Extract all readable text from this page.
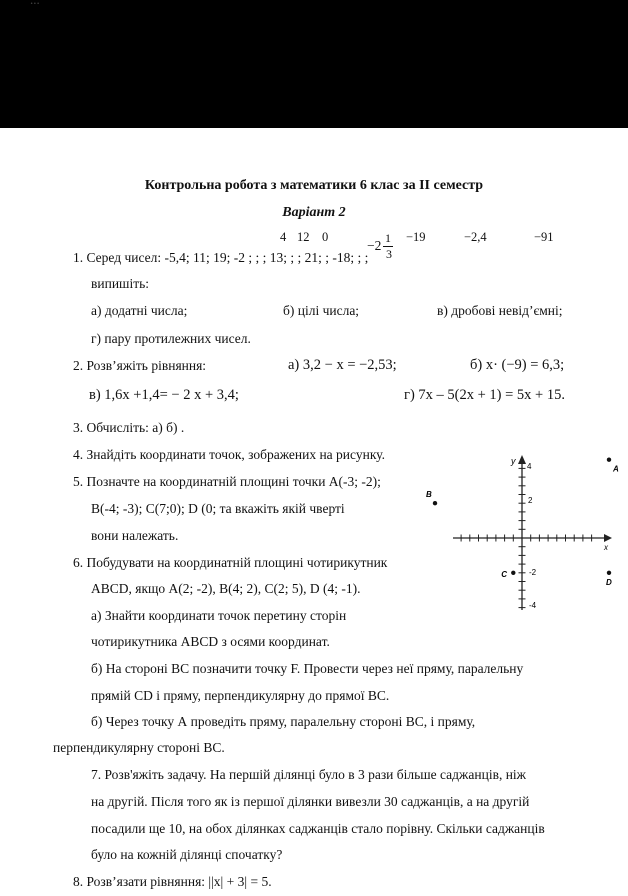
Контрольна робота з математики 6 клас за ІІ семестр
Варіант 2
4 12 0	1 −19	−2,4	−91
−2
3
1. Серед чисел: -5,4; 11; 19; -2 ; ; ; 13; ; ; 21; ; -18; ; ;
випишіть:
а) додатні числа;	б) цілі числа;	в) дробові невід’ємні;
г) пару протилежних чисел.
2. Розв’яжіть рівняння:	а) 3,2 − x = −2,53;	б) x· (−9) = 6,3;
в) 1,6x +1,4= − 2 x + 3,4;	г) 7x – 5(2x + 1) = 5x + 15.
3. Обчисліть: а) б) .
4. Знайдіть координати точок, зображених на рисунку.
5. Позначте на координатній площині точки A(-3; -2);
B(-4; -3); C(7;0); D (0; та вкажіть якій чверті
вони належать.
6. Побудувати на координатній площині чотирикутник
ABCD, якщо A(2; -2), B(4; 2), C(2; 5), D (4; -1).
а) Знайти координати точок перетину сторін
чотирикутника ABCD з осями координат.
б) На стороні BC позначити точку F. Провести через неї пряму, паралельну
прямій CD і пряму, перпендикулярну до прямої BC.
б) Через точку А проведіть пряму, паралельну стороні ВС, і пряму,
перпендикулярну стороні ВС.
7. Розв'яжіть задачу. На першій ділянці було в 3 рази більше саджанців, ніж
на другій. Після того як із першої ділянки вивезли 30 саджанців, а на другій
посадили ще 10, на обох ділянках саджанців стало порівну. Скільки саджанців
було на кожній ділянці спочатку?
8. Розв’язати рівняння: ||x| + 3| = 5.
y
x
4
2
-2
-4
A
B
C
D
